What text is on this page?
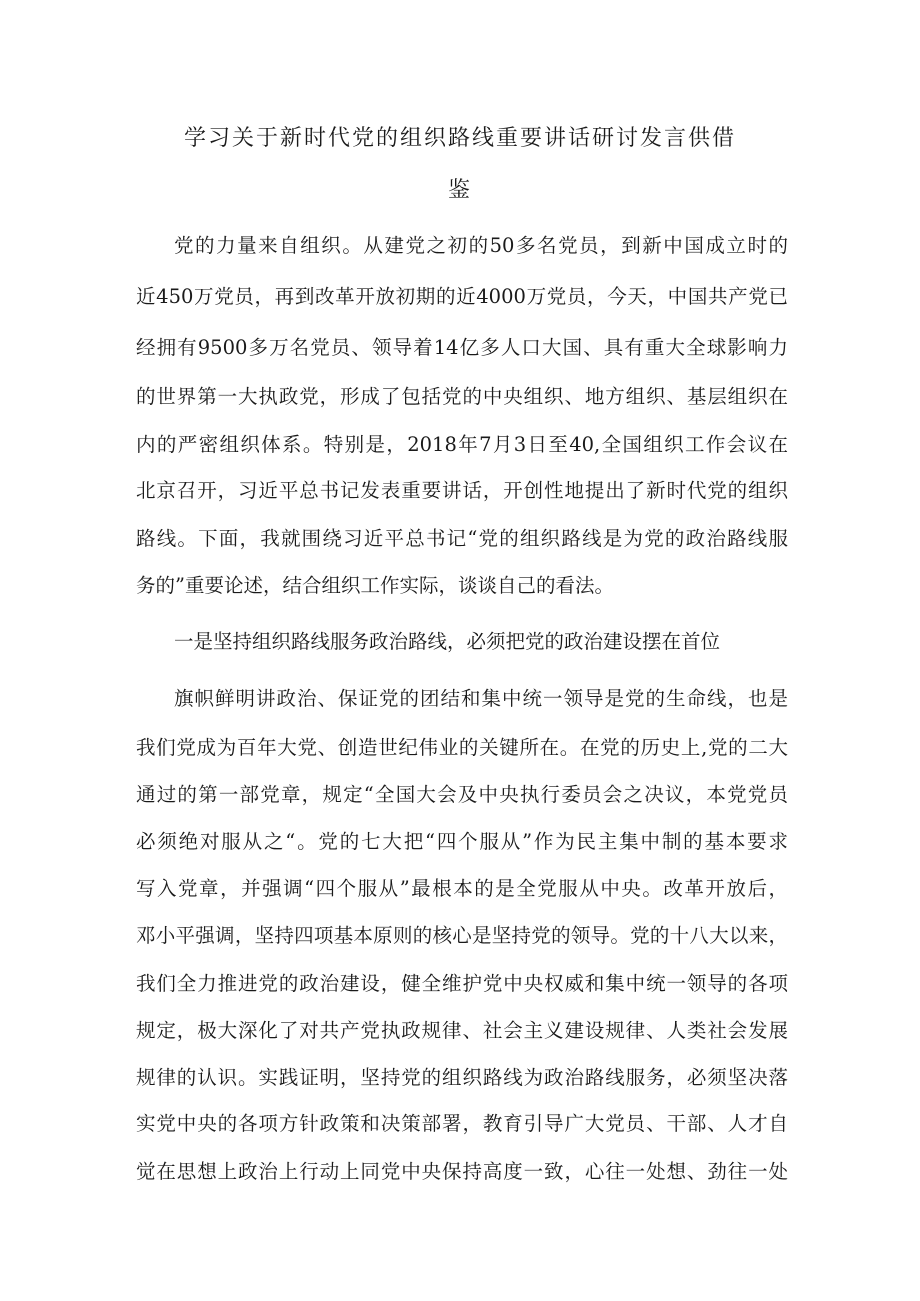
学习关于新时代党的组织路线重要讲话研讨发言供借
鉴
党的力量来自组织。从建党之初的50多名党员，到新中国成立时的
近450万党员，再到改革开放初期的近4000万党员，今天，中国共产党已
经拥有9500多万名党员、领导着14亿多人口大国、具有重大全球影响力
的世界第一大执政党，形成了包括党的中央组织、地方组织、基层组织在
内的严密组织体系。特别是，2018年7月3日至40,全国组织工作会议在
北京召开，习近平总书记发表重要讲话，开创性地提出了新时代党的组织
路线。下面，我就围绕习近平总书记“党的组织路线是为党的政治路线服
务的”重要论述，结合组织工作实际，谈谈自己的看法。
一是坚持组织路线服务政治路线，必须把党的政治建设摆在首位
旗帜鲜明讲政治、保证党的团结和集中统一领导是党的生命线，也是
我们党成为百年大党、创造世纪伟业的关键所在。在党的历史上,党的二大
通过的第一部党章，规定“全国大会及中央执行委员会之决议，本党党员
必须绝对服从之“。党的七大把“四个服从”作为民主集中制的基本要求
写入党章，并强调“四个服从”最根本的是全党服从中央。改革开放后，
邓小平强调，坚持四项基本原则的核心是坚持党的领导。党的十八大以来，
我们全力推进党的政治建设，健全维护党中央权威和集中统一领导的各项
规定，极大深化了对共产党执政规律、社会主义建设规律、人类社会发展
规律的认识。实践证明，坚持党的组织路线为政治路线服务，必须坚决落
实党中央的各项方针政策和决策部署，教育引导广大党员、干部、人才自
觉在思想上政治上行动上同党中央保持高度一致，心往一处想、劲往一处
